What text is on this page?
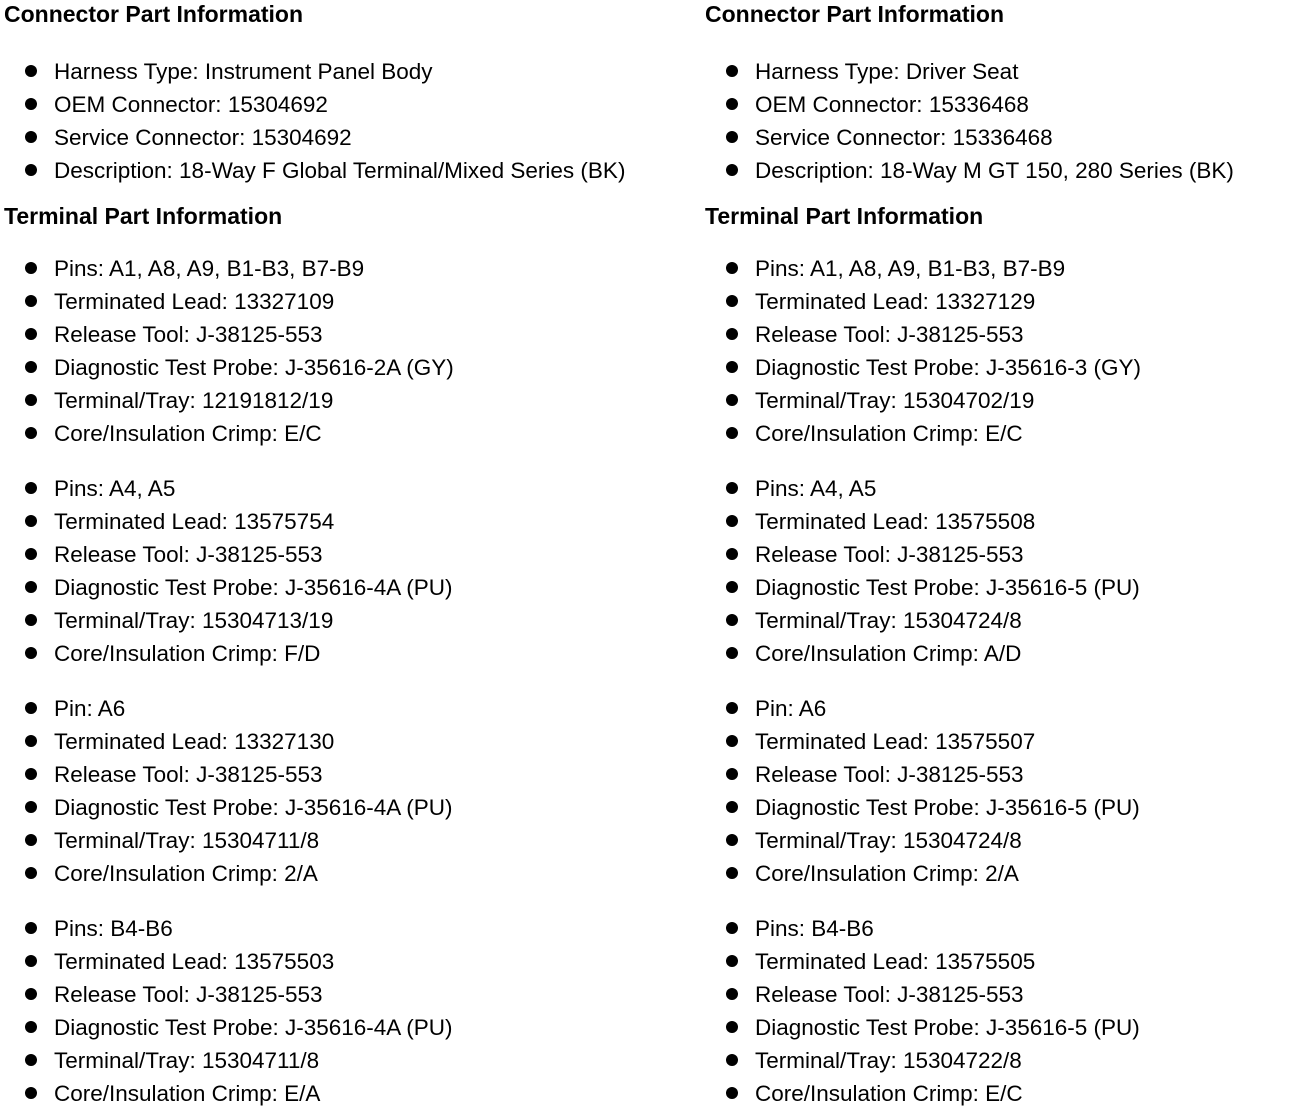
Connector Part Information
Harness Type: Instrument Panel Body
OEM Connector: 15304692
Service Connector: 15304692
Description: 18-Way F Global Terminal/Mixed Series (BK)
Terminal Part Information
Pins: A1, A8, A9, B1-B3, B7-B9
Terminated Lead: 13327109
Release Tool: J-38125-553
Diagnostic Test Probe: J-35616-2A (GY)
Terminal/Tray: 12191812/19
Core/Insulation Crimp: E/C
Pins: A4, A5
Terminated Lead: 13575754
Release Tool: J-38125-553
Diagnostic Test Probe: J-35616-4A (PU)
Terminal/Tray: 15304713/19
Core/Insulation Crimp: F/D
Pin: A6
Terminated Lead: 13327130
Release Tool: J-38125-553
Diagnostic Test Probe: J-35616-4A (PU)
Terminal/Tray: 15304711/8
Core/Insulation Crimp: 2/A
Pins: B4-B6
Terminated Lead: 13575503
Release Tool: J-38125-553
Diagnostic Test Probe: J-35616-4A (PU)
Terminal/Tray: 15304711/8
Core/Insulation Crimp: E/A
Connector Part Information
Harness Type: Driver Seat
OEM Connector: 15336468
Service Connector: 15336468
Description: 18-Way M GT 150, 280 Series (BK)
Terminal Part Information
Pins: A1, A8, A9, B1-B3, B7-B9
Terminated Lead: 13327129
Release Tool: J-38125-553
Diagnostic Test Probe: J-35616-3 (GY)
Terminal/Tray: 15304702/19
Core/Insulation Crimp: E/C
Pins: A4, A5
Terminated Lead: 13575508
Release Tool: J-38125-553
Diagnostic Test Probe: J-35616-5 (PU)
Terminal/Tray: 15304724/8
Core/Insulation Crimp: A/D
Pin: A6
Terminated Lead: 13575507
Release Tool: J-38125-553
Diagnostic Test Probe: J-35616-5 (PU)
Terminal/Tray: 15304724/8
Core/Insulation Crimp: 2/A
Pins: B4-B6
Terminated Lead: 13575505
Release Tool: J-38125-553
Diagnostic Test Probe: J-35616-5 (PU)
Terminal/Tray: 15304722/8
Core/Insulation Crimp: E/C
